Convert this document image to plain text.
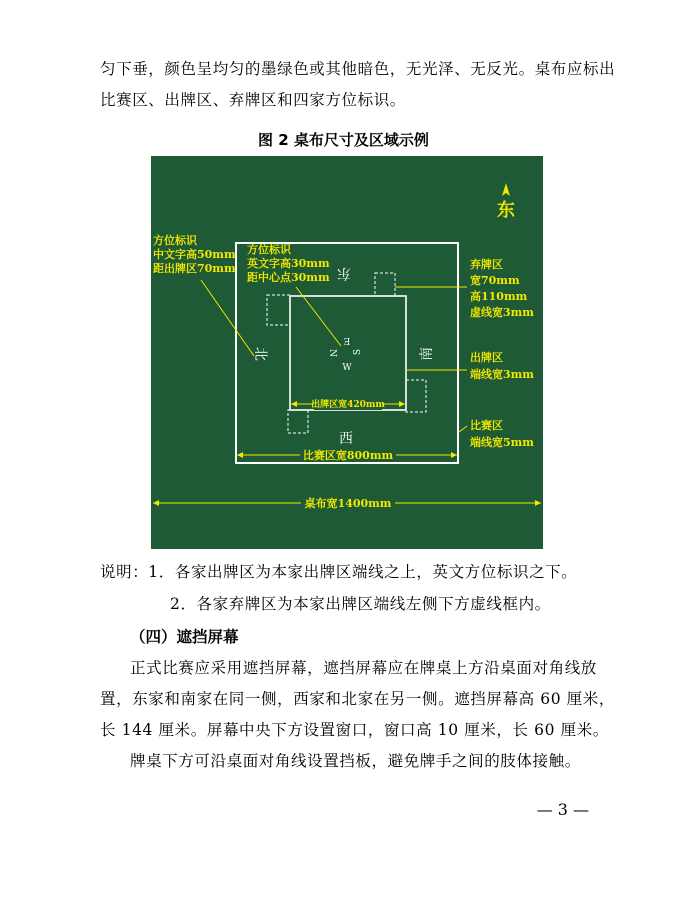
匀下垂，颜色呈均匀的墨绿色或其他暗色，无光泽、无反光。桌布应标出
比赛区、出牌区、弃牌区和四家方位标识。
图 2 桌布尺寸及区域示例
东
东
南
西
北	N
E
S
W
出牌区宽420mm
比赛区宽800mm
桌布宽1400mm
方位标识 中文字高50mm 距出牌区70mm
方位标识 英文字高30mm 距中心点30mm
弃牌区 宽70mm 高110mm 虚线宽3mm
出牌区 端线宽3mm
比赛区 端线宽5mm
说明：1．各家出牌区为本家出牌区端线之上，英文方位标识之下。
2．各家弃牌区为本家出牌区端线左侧下方虚线框内。
（四）遮挡屏幕
正式比赛应采用遮挡屏幕，遮挡屏幕应在牌桌上方沿桌面对角线放
置，东家和南家在同一侧，西家和北家在另一侧。遮挡屏幕高 60 厘米，
长 144 厘米。屏幕中央下方设置窗口，窗口高 10 厘米，长 60 厘米。
牌桌下方可沿桌面对角线设置挡板，避免牌手之间的肢体接触。
— 3 —
